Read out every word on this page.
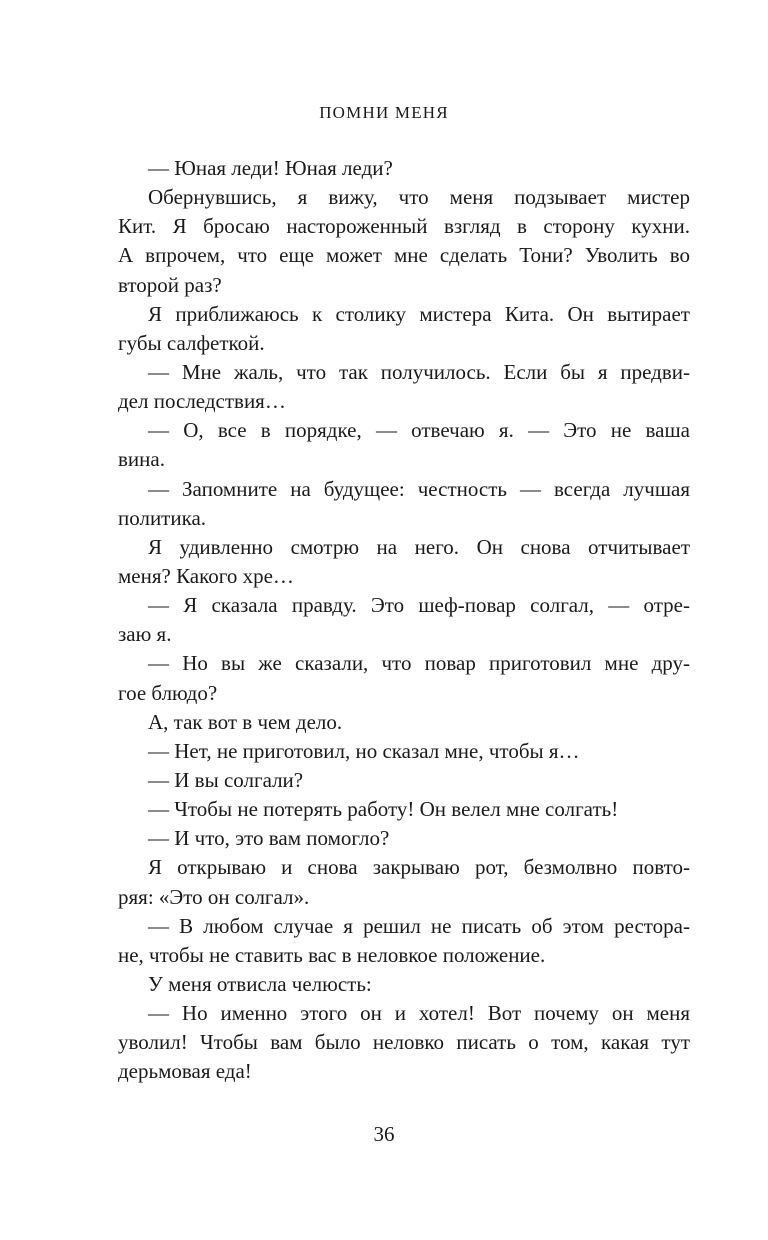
ПОМНИ МЕНЯ
— Юная леди! Юная леди?
Обернувшись, я вижу, что меня подзывает мистер
Кит. Я бросаю настороженный взгляд в сторону кухни.
А впрочем, что еще может мне сделать Тони? Уволить во
второй раз?
Я приближаюсь к столику мистера Кита. Он вытирает
губы салфеткой.
— Мне жаль, что так получилось. Если бы я предви-
дел последствия…
— О, все в порядке, — отвечаю я. — Это не ваша
вина.
— Запомните на будущее: честность — всегда лучшая
политика.
Я удивленно смотрю на него. Он снова отчитывает
меня? Какого хре…
— Я сказала правду. Это шеф-повар солгал, — отре-
заю я.
— Но вы же сказали, что повар приготовил мне дру-
гое блюдо?
А, так вот в чем дело.
— Нет, не приготовил, но сказал мне, чтобы я…
— И вы солгали?
— Чтобы не потерять работу! Он велел мне солгать!
— И что, это вам помогло?
Я открываю и снова закрываю рот, безмолвно повто-
ряя: «Это он солгал».
— В любом случае я решил не писать об этом рестора-
не, чтобы не ставить вас в неловкое положение.
У меня отвисла челюсть:
— Но именно этого он и хотел! Вот почему он меня
уволил! Чтобы вам было неловко писать о том, какая тут
дерьмовая еда!
36
